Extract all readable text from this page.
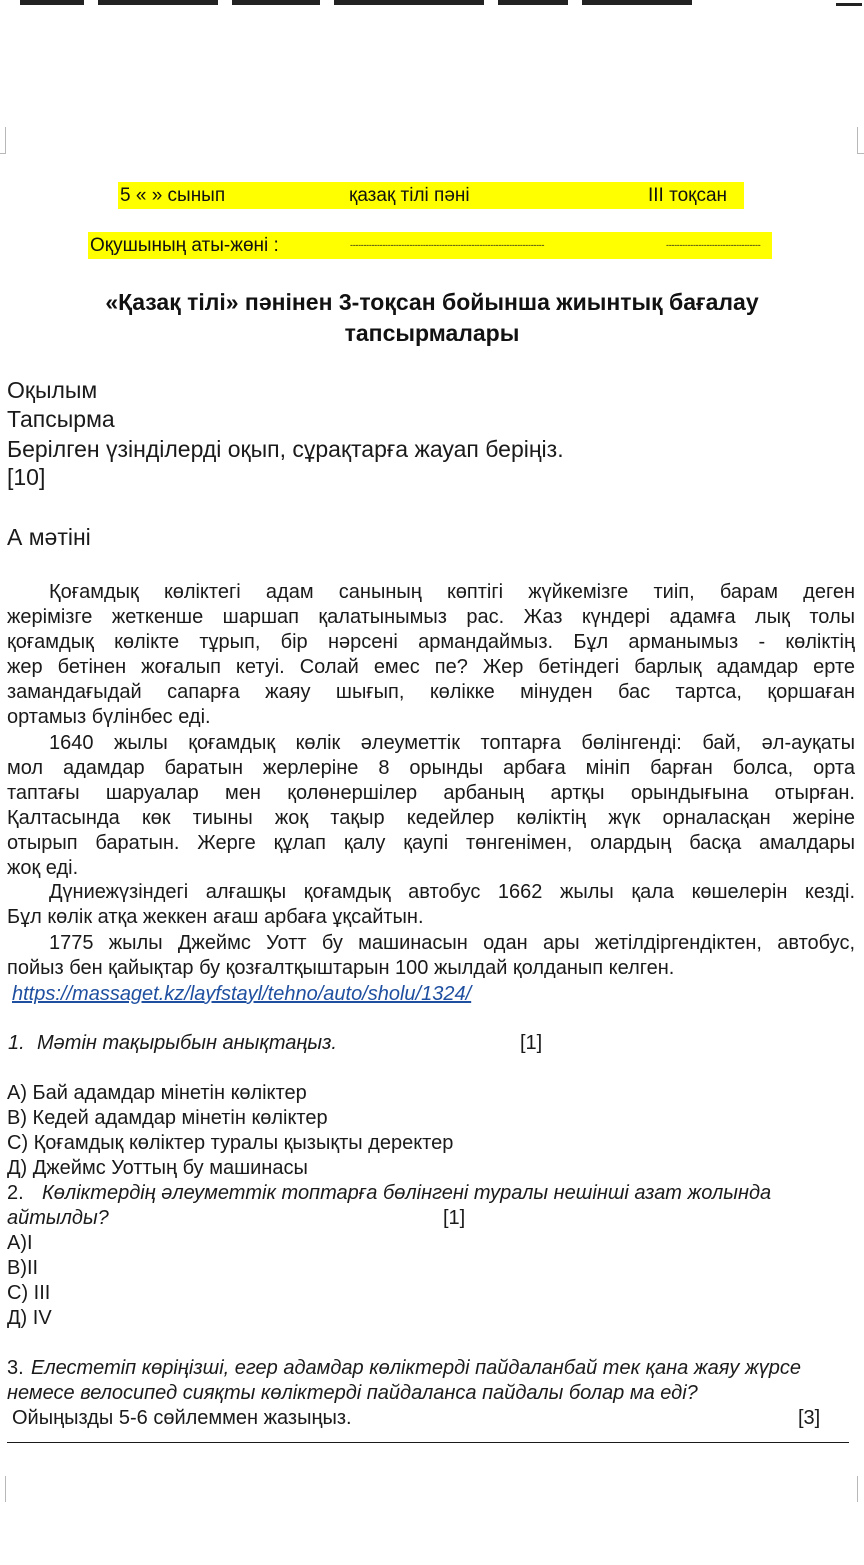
5 « » сынып	қазақ тілі пәні	ІІІ тоқсан
Оқушының аты-жөні :	------------------------------------------------------------------------	-----------------------------------
«Қазақ тілі» пәнінен 3-тоқсан бойынша жиынтық бағалау
тапсырмалары
Оқылым
Тапсырма
Берілген үзінділерді оқып, сұрақтарға жауап беріңіз.
[10]
А мәтіні
Қоғамдық көліктегі адам санының көптігі жүйкемізге тиіп, барам деген
жерімізге жеткенше шаршап қалатынымыз рас. Жаз күндері адамға лық толы
қоғамдық көлікте тұрып, бір нәрсені армандаймыз. Бұл арманымыз - көліктің
жер бетінен жоғалып кетуі. Солай емес пе? Жер бетіндегі барлық адамдар ерте
замандағыдай сапарға жаяу шығып, көлікке мінуден бас тартса, қоршаған
ортамыз бүлінбес еді.
1640 жылы қоғамдық көлік әлеуметтік топтарға бөлінгенді: бай, әл-ауқаты
мол адамдар баратын жерлеріне 8 орынды арбаға мініп барған болса, орта
таптағы шаруалар мен қолөнершілер арбаның артқы орындығына отырған.
Қалтасында көк тиыны жоқ тақыр кедейлер көліктің жүк орналасқан жеріне
отырып баратын. Жерге құлап қалу қаупі төнгенімен, олардың басқа амалдары
жоқ еді.
Дүниежүзіндегі алғашқы қоғамдық автобус 1662 жылы қала көшелерін кезді.
Бұл көлік атқа жеккен ағаш арбаға ұқсайтын.
1775 жылы Джеймс Уотт бу машинасын одан ары жетілдіргендіктен, автобус,
пойыз бен қайықтар бу қозғалтқыштарын 100 жылдай қолданып келген.
https://massaget.kz/layfstayl/tehno/auto/sholu/1324/
1. Мәтін тақырыбын анықтаңыз.	[1]
А) Бай адамдар мінетін көліктер
В) Кедей адамдар мінетін көліктер
С) Қоғамдық көліктер туралы қызықты деректер
Д) Джеймс Уоттың бу машинасы
2. Көліктердің әлеуметтік топтарға бөлінгені туралы нешінші азат жолында
айтылды?	[1]
А)І
В)ІІ
С) ІІІ
Д) ІV
3. Елестетіп көріңізші, егер адамдар көліктерді пайдаланбай тек қана жаяу жүрсе
немесе велосипед сияқты көліктерді пайдаланса пайдалы болар ма еді?
Ойыңызды 5-6 сөйлеммен жазыңыз.	[3]
